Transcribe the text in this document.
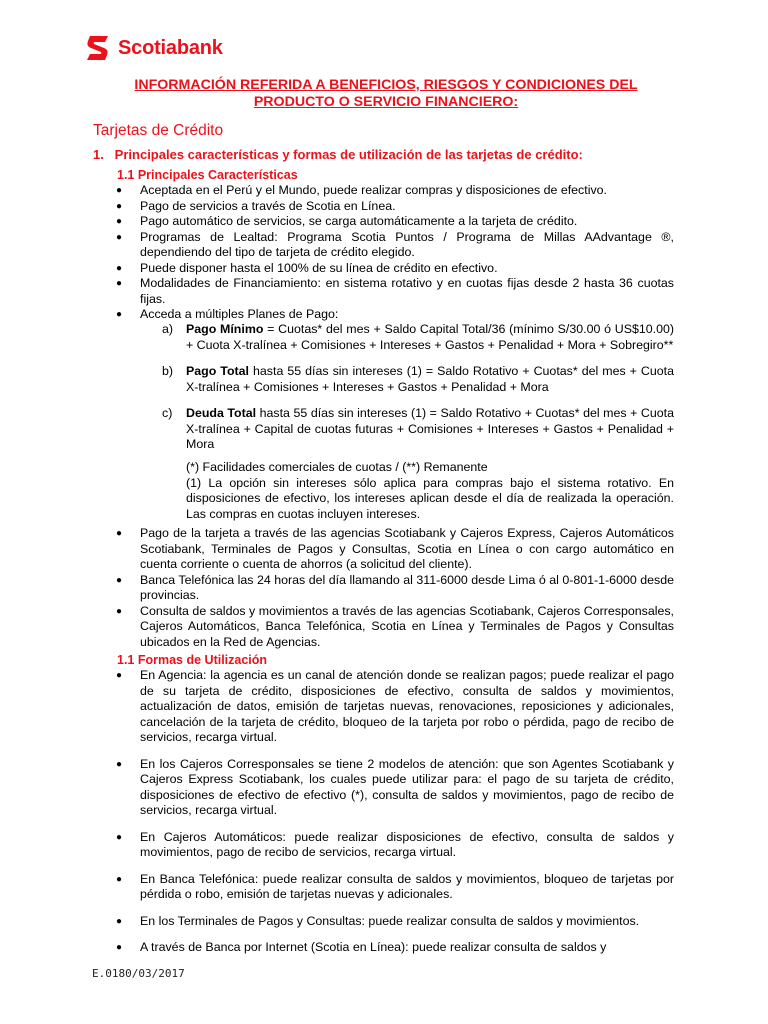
Scotiabank
INFORMACIÓN REFERIDA A BENEFICIOS, RIESGOS Y CONDICIONES DEL PRODUCTO O SERVICIO FINANCIERO:
Tarjetas de Crédito
1.   Principales características y formas de utilización de las tarjetas de crédito:
1.1 Principales Características
● Aceptada en el Perú y el Mundo, puede realizar compras y disposiciones de efectivo.
● Pago de servicios a través de Scotia en Línea.
● Pago automático de servicios, se carga automáticamente a la tarjeta de crédito.
● Programas de Lealtad: Programa Scotia Puntos / Programa de Millas AAdvantage ®, dependiendo del tipo de tarjeta de crédito elegido.
● Puede disponer hasta el 100% de su línea de crédito en efectivo.
● Modalidades de Financiamiento: en sistema rotativo y en cuotas fijas desde 2 hasta 36 cuotas fijas.
● Acceda a múltiples Planes de Pago:
a) Pago Mínimo = Cuotas* del mes + Saldo Capital Total/36 (mínimo S/30.00 ó US$10.00) + Cuota X-tralínea + Comisiones + Intereses + Gastos + Penalidad + Mora + Sobregiro**
b) Pago Total hasta 55 días sin intereses (1) = Saldo Rotativo + Cuotas* del mes + Cuota X-tralínea + Comisiones + Intereses + Gastos + Penalidad + Mora
c) Deuda Total hasta 55 días sin intereses (1) = Saldo Rotativo + Cuotas* del mes + Cuota X-tralínea + Capital de cuotas futuras + Comisiones + Intereses + Gastos + Penalidad + Mora
(*) Facilidades comerciales de cuotas / (**) Remanente
(1) La opción sin intereses sólo aplica para compras bajo el sistema rotativo. En disposiciones de efectivo, los intereses aplican desde el día de realizada la operación. Las compras en cuotas incluyen intereses.
● Pago de la tarjeta a través de las agencias Scotiabank y Cajeros Express, Cajeros Automáticos Scotiabank, Terminales de Pagos y Consultas, Scotia en Línea o con cargo automático en cuenta corriente o cuenta de ahorros (a solicitud del cliente).
● Banca Telefónica las 24 horas del día llamando al 311-6000 desde Lima ó al 0-801-1-6000 desde provincias.
● Consulta de saldos y movimientos a través de las agencias Scotiabank, Cajeros Corresponsales, Cajeros Automáticos, Banca Telefónica, Scotia en Línea y Terminales de Pagos y Consultas ubicados en la Red de Agencias.
1.1 Formas de Utilización
● En Agencia: la agencia es un canal de atención donde se realizan pagos; puede realizar el pago de su tarjeta de crédito, disposiciones de efectivo, consulta de saldos y movimientos, actualización de datos, emisión de tarjetas nuevas, renovaciones, reposiciones y adicionales, cancelación de la tarjeta de crédito, bloqueo de la tarjeta por robo o pérdida, pago de recibo de servicios, recarga virtual.
● En los Cajeros Corresponsales se tiene 2 modelos de atención: que son Agentes Scotiabank y Cajeros Express Scotiabank, los cuales puede utilizar para: el pago de su tarjeta de crédito, disposiciones de efectivo de efectivo (*), consulta de saldos y movimientos, pago de recibo de servicios, recarga virtual.
● En Cajeros Automáticos: puede realizar disposiciones de efectivo, consulta de saldos y movimientos, pago de recibo de servicios, recarga virtual.
● En Banca Telefónica: puede realizar consulta de saldos y movimientos, bloqueo de tarjetas por pérdida o robo, emisión de tarjetas nuevas y adicionales.
● En los Terminales de Pagos y Consultas: puede realizar consulta de saldos y movimientos.
● A través de Banca por Internet (Scotia en Línea): puede realizar consulta de saldos y
E.0180/03/2017
